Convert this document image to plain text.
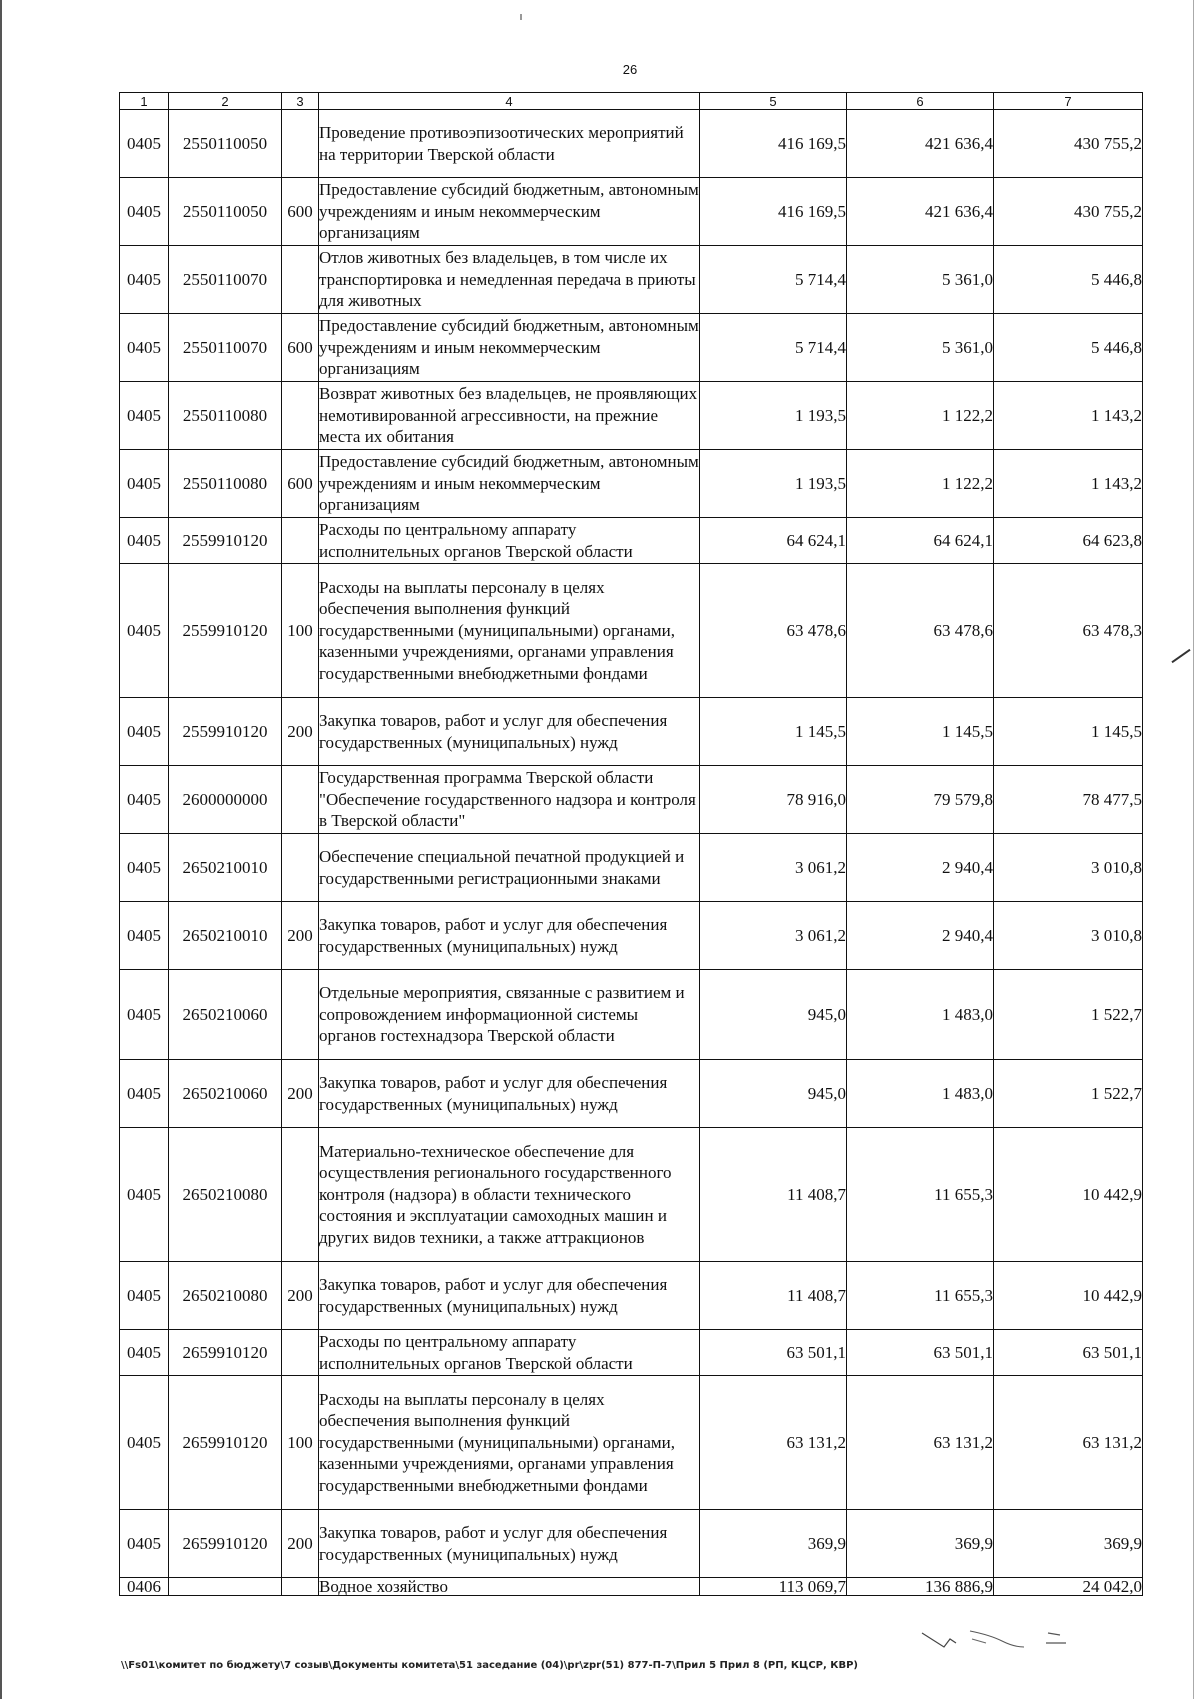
26
1	2	3	4	5	6	7
0405	2550110050		Проведение противоэпизоотических мероприятий на территории Тверской области	416 169,5	421 636,4	430 755,2
0405	2550110050	600	Предоставление субсидий бюджетным, автономным учреждениям и иным некоммерческим организациям	416 169,5	421 636,4	430 755,2
0405	2550110070		Отлов животных без владельцев, в том числе их транспортировка и немедленная передача в приюты для животных	5 714,4	5 361,0	5 446,8
0405	2550110070	600	Предоставление субсидий бюджетным, автономным учреждениям и иным некоммерческим организациям	5 714,4	5 361,0	5 446,8
0405	2550110080		Возврат животных без владельцев, не проявляющих немотивированной агрессивности, на прежние места их обитания	1 193,5	1 122,2	1 143,2
0405	2550110080	600	Предоставление субсидий бюджетным, автономным учреждениям и иным некоммерческим организациям	1 193,5	1 122,2	1 143,2
0405	2559910120		Расходы по центральному аппарату исполнительных органов Тверской области	64 624,1	64 624,1	64 623,8
0405	2559910120	100	Расходы на выплаты персоналу в целях обеспечения выполнения функций государственными (муниципальными) органами, казенными учреждениями, органами управления государственными внебюджетными фондами	63 478,6	63 478,6	63 478,3
0405	2559910120	200	Закупка товаров, работ и услуг для обеспечения государственных (муниципальных) нужд	1 145,5	1 145,5	1 145,5
0405	2600000000		Государственная программа Тверской области "Обеспечение государственного надзора и контроля в Тверской области"	78 916,0	79 579,8	78 477,5
0405	2650210010		Обеспечение специальной печатной продукцией и государственными регистрационными знаками	3 061,2	2 940,4	3 010,8
0405	2650210010	200	Закупка товаров, работ и услуг для обеспечения государственных (муниципальных) нужд	3 061,2	2 940,4	3 010,8
0405	2650210060		Отдельные мероприятия, связанные с развитием и сопровождением информационной системы органов гостехнадзора Тверской области	945,0	1 483,0	1 522,7
0405	2650210060	200	Закупка товаров, работ и услуг для обеспечения государственных (муниципальных) нужд	945,0	1 483,0	1 522,7
0405	2650210080		Материально-техническое обеспечение для осуществления регионального государственного контроля (надзора) в области технического состояния и эксплуатации самоходных машин и других видов техники, а также аттракционов	11 408,7	11 655,3	10 442,9
0405	2650210080	200	Закупка товаров, работ и услуг для обеспечения государственных (муниципальных) нужд	11 408,7	11 655,3	10 442,9
0405	2659910120		Расходы по центральному аппарату исполнительных органов Тверской области	63 501,1	63 501,1	63 501,1
0405	2659910120	100	Расходы на выплаты персоналу в целях обеспечения выполнения функций государственными (муниципальными) органами, казенными учреждениями, органами управления государственными внебюджетными фондами	63 131,2	63 131,2	63 131,2
0405	2659910120	200	Закупка товаров, работ и услуг для обеспечения государственных (муниципальных) нужд	369,9	369,9	369,9
0406			Водное хозяйство	113 069,7	136 886,9	24 042,0
\\Fs01\комитет по бюджету\7 созыв\Документы комитета\51 заседание (04)\pr\zpr(51) 877-П-7\Прил 5 Прил 8 (РП, КЦСР, КВР)
